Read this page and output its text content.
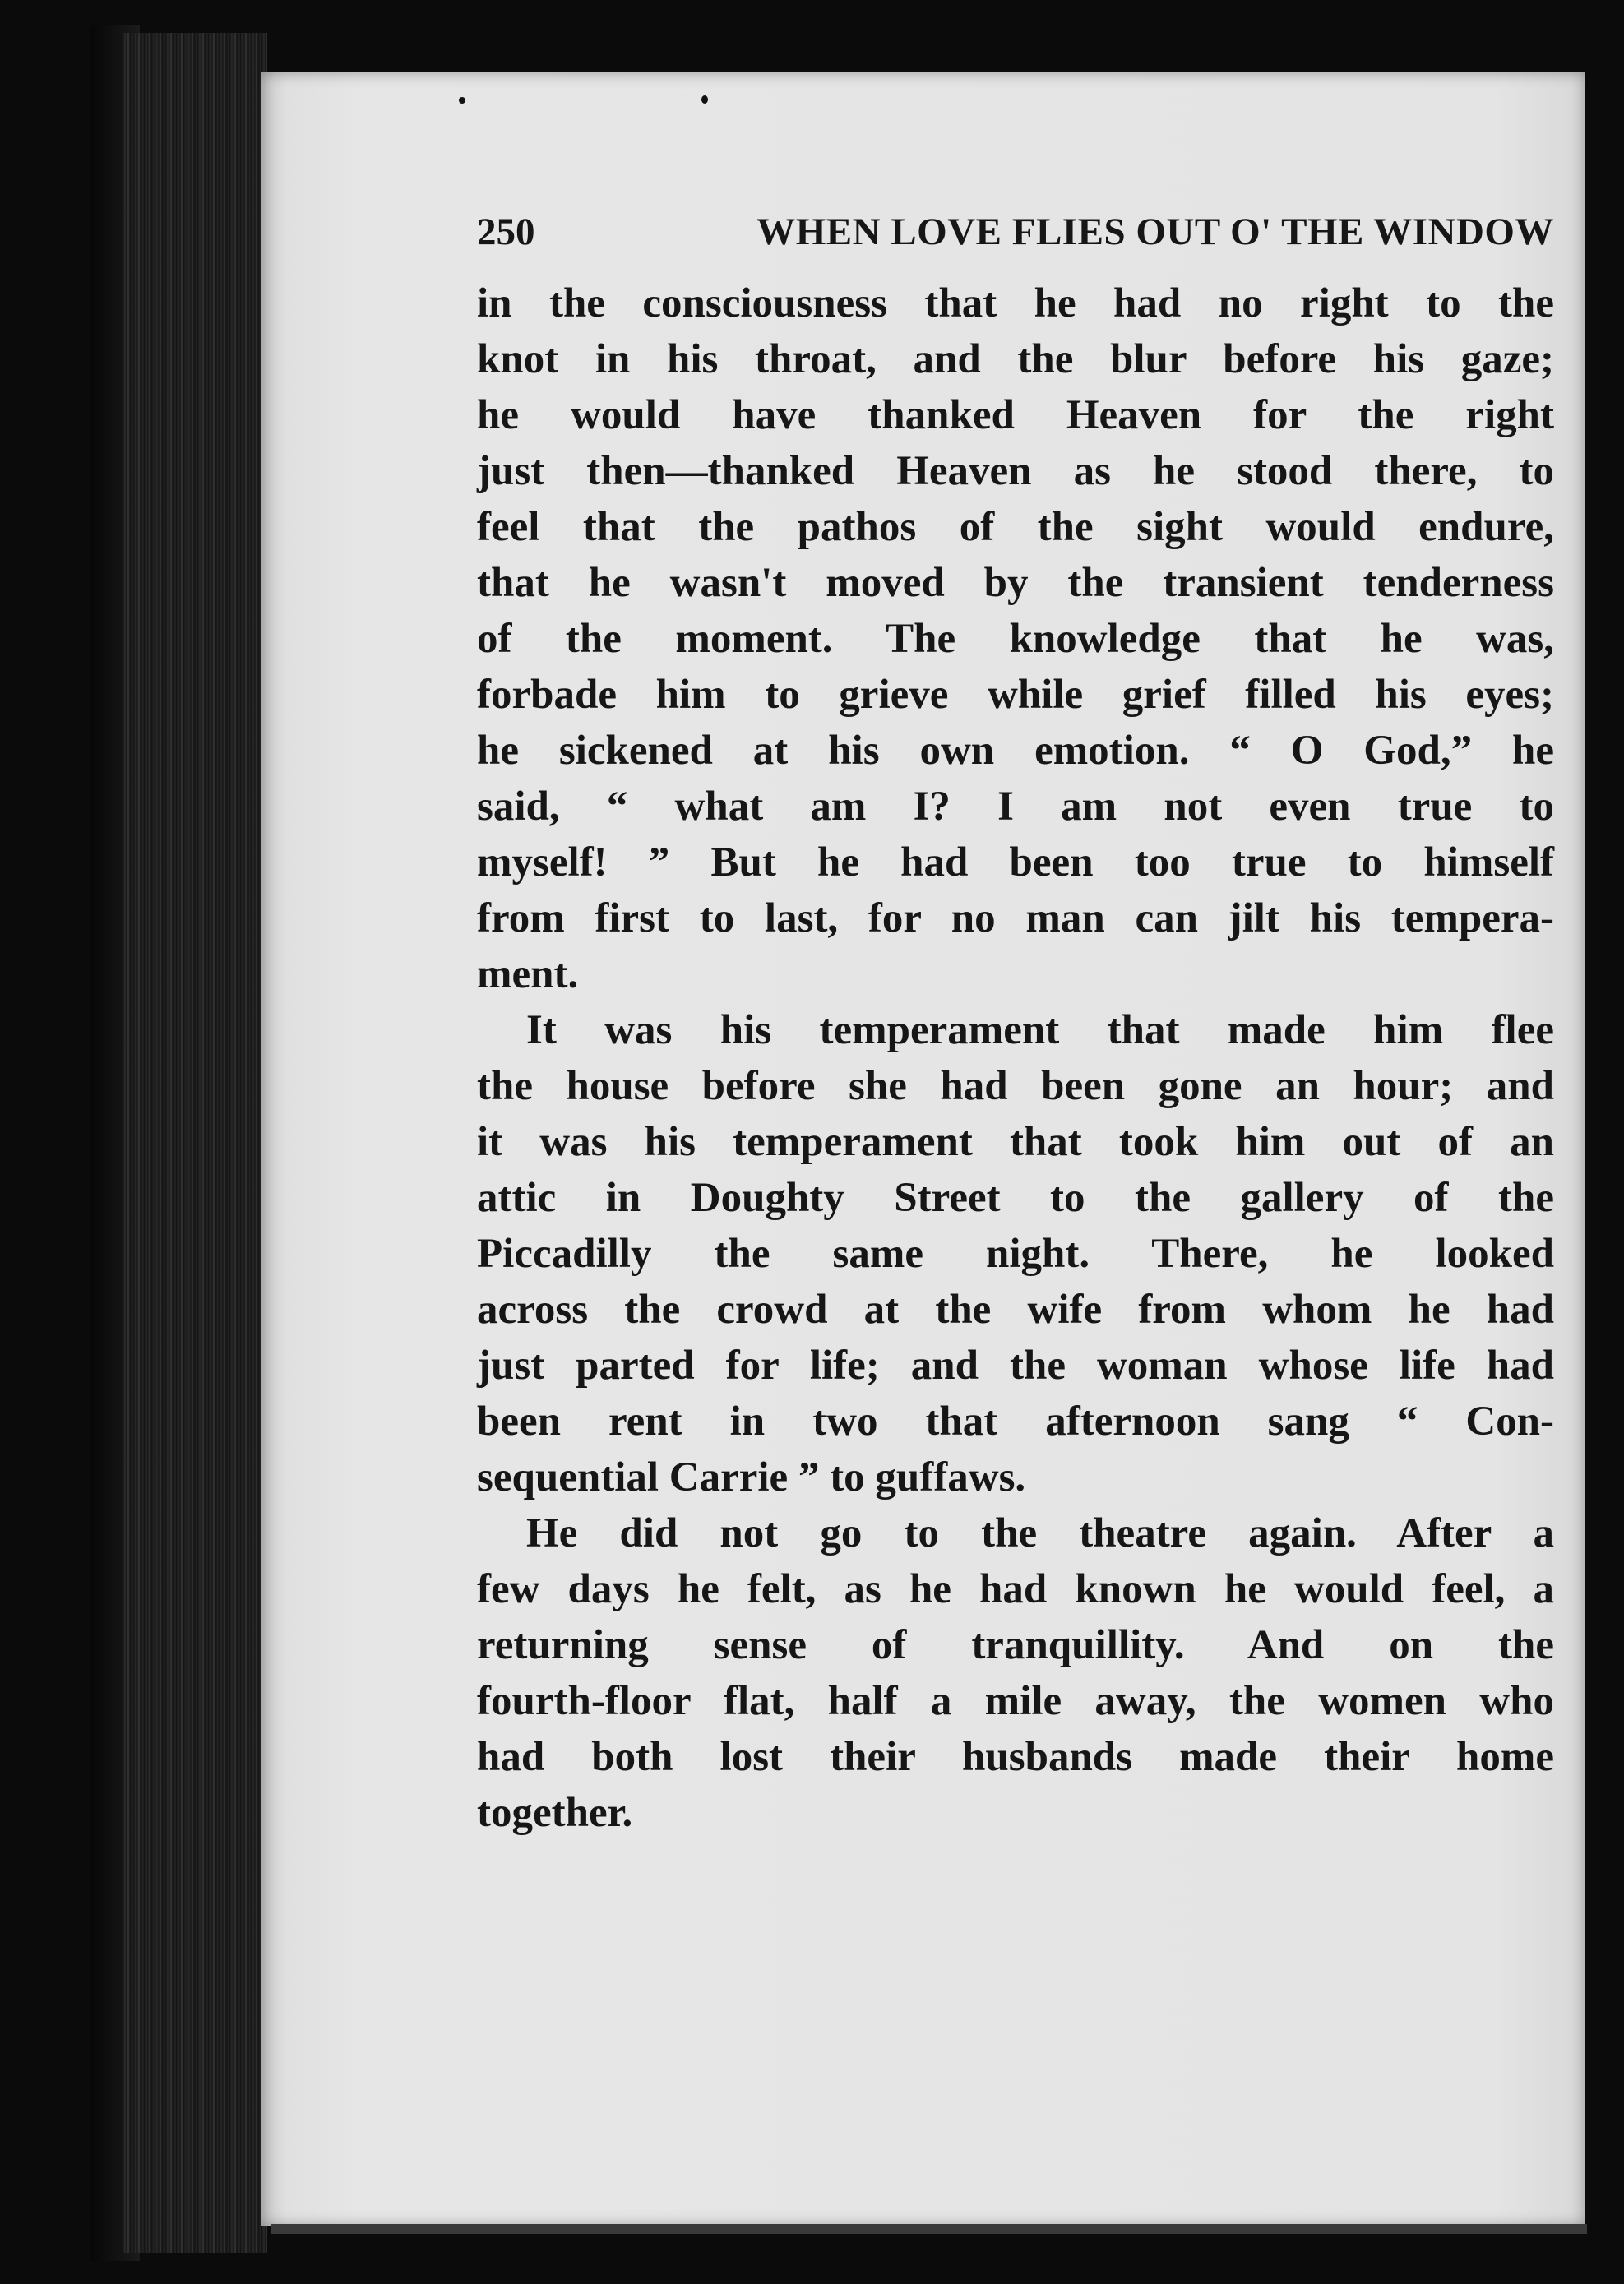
250	WHEN LOVE FLIES OUT O' THE WINDOW
in the consciousness that he had no right to the
knot in his throat, and the blur before his gaze;
he would have thanked Heaven for the right
just then—thanked Heaven as he stood there, to
feel that the pathos of the sight would endure,
that he wasn't moved by the transient tenderness
of the moment. The knowledge that he was,
forbade him to grieve while grief filled his eyes;
he sickened at his own emotion. “ O God,” he
said, “ what am I? I am not even true to
myself! ” But he had been too true to himself
from first to last, for no man can jilt his tempera-
ment.
It was his temperament that made him flee
the house before she had been gone an hour; and
it was his temperament that took him out of an
attic in Doughty Street to the gallery of the
Piccadilly the same night. There, he looked
across the crowd at the wife from whom he had
just parted for life; and the woman whose life had
been rent in two that afternoon sang “ Con-
sequential Carrie ” to guffaws.
He did not go to the theatre again. After a
few days he felt, as he had known he would feel, a
returning sense of tranquillity. And on the
fourth-floor flat, half a mile away, the women who
had both lost their husbands made their home
together.
